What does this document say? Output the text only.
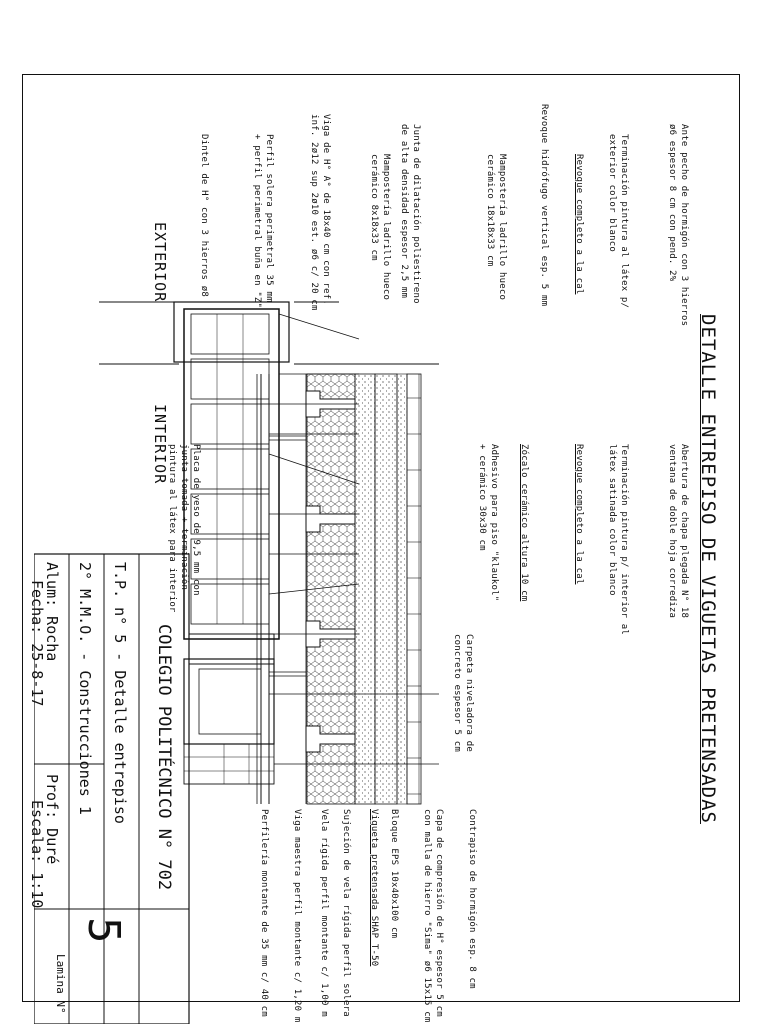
DETALLE ENTREPISO DE VIGUETAS PRETENSADAS
EXTERIOR
INTERIOR
Ante pecho de hormigón con 3 hierros
ø6 espesor 8 cm con pend. 2%
Terminación pintura al látex p/
exterior color blanco
Revoque completo a la cal
Revoque hidrófugo vertical esp. 5 mm
Mampostería ladrillo hueco
cerámico 18x18x33 cm
Junta de dilatación poliestireno
de alta densidad espesor 2,5 mm
Mampostería ladrillo hueco
cerámico 8x18x33 cm
Viga de H° A° de 18x40 cm con ref.
inf. 2ø12 sup 2ø10 est. ø6 c/ 20 cm
Perfil solera perimetral 35 mm
+ perfil perimetral buña en "Z"
Dintel de H° con 3 hierros ø8
Abertura de chapa plegada N° 18
ventana de doble hoja corrediza
Terminación pintura p/ interior al
látex satinada color blanco
Revoque completo a la cal
Zócalo cerámico altura 10 cm
Adhesivo para piso "klaukol"
+ cerámico 30x30 cm
Placa de yeso de 9,5 mm con
junta tomada + terminación
pintura al látex para interior
Carpeta niveladora de
concreto espesor 5 cm
Contrapiso de hormigón esp. 8 cm
Capa de compresión de H° espesor 5 cm
con malla de hierro "Sima" ø6 15x15 cm
Bloque EPS 10x40x100 cm
Vigueta pretensada SHAP T-50
Sujeción de vela rígida perfil solera
Vela rígida perfil montante c/ 1,00 m
Viga maestra perfil montante c/ 1,20 m
Perfilería montante de 35 mm c/ 40 cm
COLEGIO POLITÉCNICO N° 702
T.P. n° 5 - Detalle entrepiso
2° M.M.O. - Construcciones 1
Alum: Rocha
Prof: Duré
5
Lamina N°
Fecha: 25-8-17
Escala: 1:10
